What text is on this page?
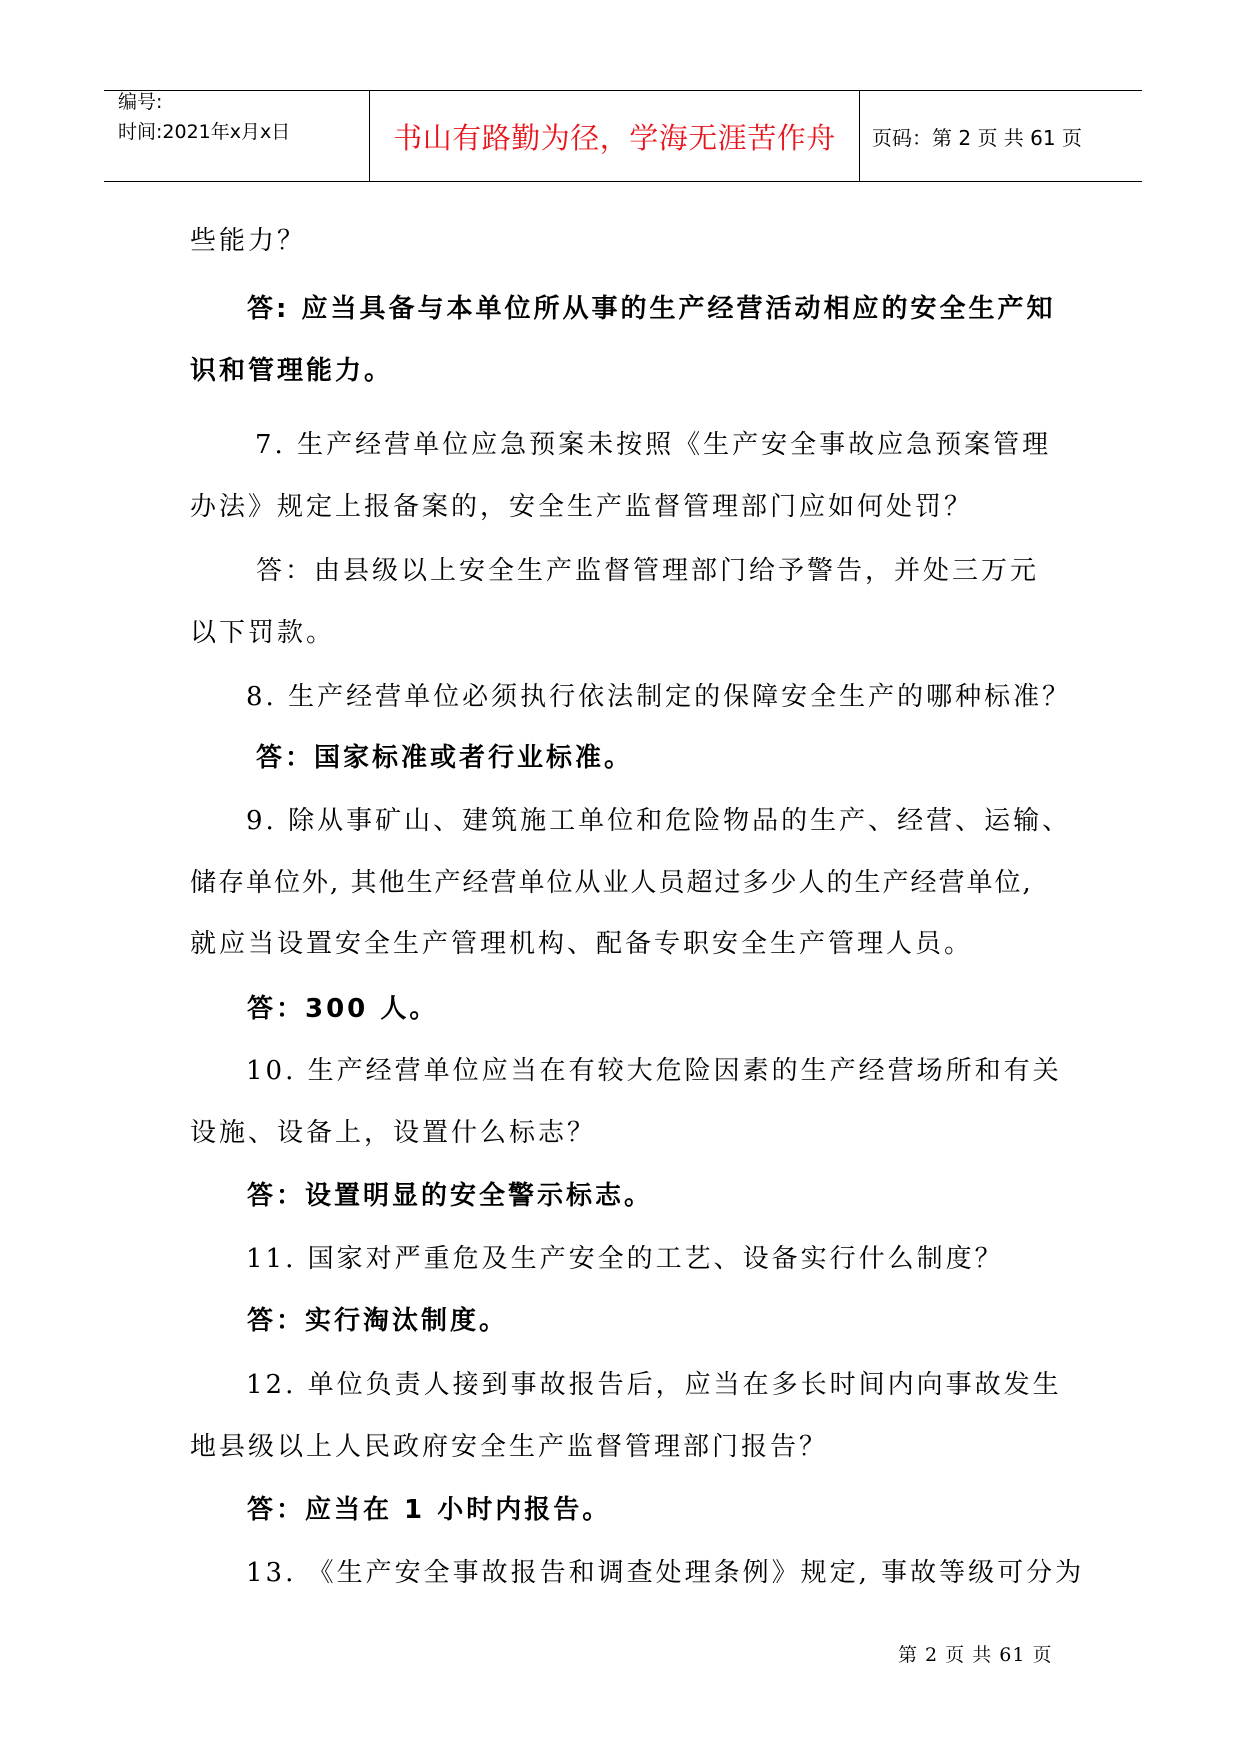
编号:
时间:2021年x月x日	书山有路勤为径，学海无涯苦作舟 页码：第 2 页 共 61 页
些能力？
答: 应当具备与本单位所从事的生产经营活动相应的安全生产知
识和管理能力。
7. 生产经营单位应急预案未按照《生产安全事故应急预案管理
办法》规定上报备案的，安全生产监督管理部门应如何处罚？
答：由县级以上安全生产监督管理部门给予警告，并处三万元
以下罚款。
8. 生产经营单位必须执行依法制定的保障安全生产的哪种标准？
答：国家标准或者行业标准。
9. 除从事矿山、建筑施工单位和危险物品的生产、经营、运输、
储存单位外, 其他生产经营单位从业人员超过多少人的生产经营单位,
就应当设置安全生产管理机构、配备专职安全生产管理人员。
答：300 人。
10. 生产经营单位应当在有较大危险因素的生产经营场所和有关
设施、设备上，设置什么标志？
答：设置明显的安全警示标志。
11. 国家对严重危及生产安全的工艺、设备实行什么制度？
答：实行淘汰制度。
12. 单位负责人接到事故报告后，应当在多长时间内向事故发生
地县级以上人民政府安全生产监督管理部门报告？
答：应当在 1 小时内报告。
13. 《生产安全事故报告和调查处理条例》规定, 事故等级可分为
第 2 页 共 61 页
